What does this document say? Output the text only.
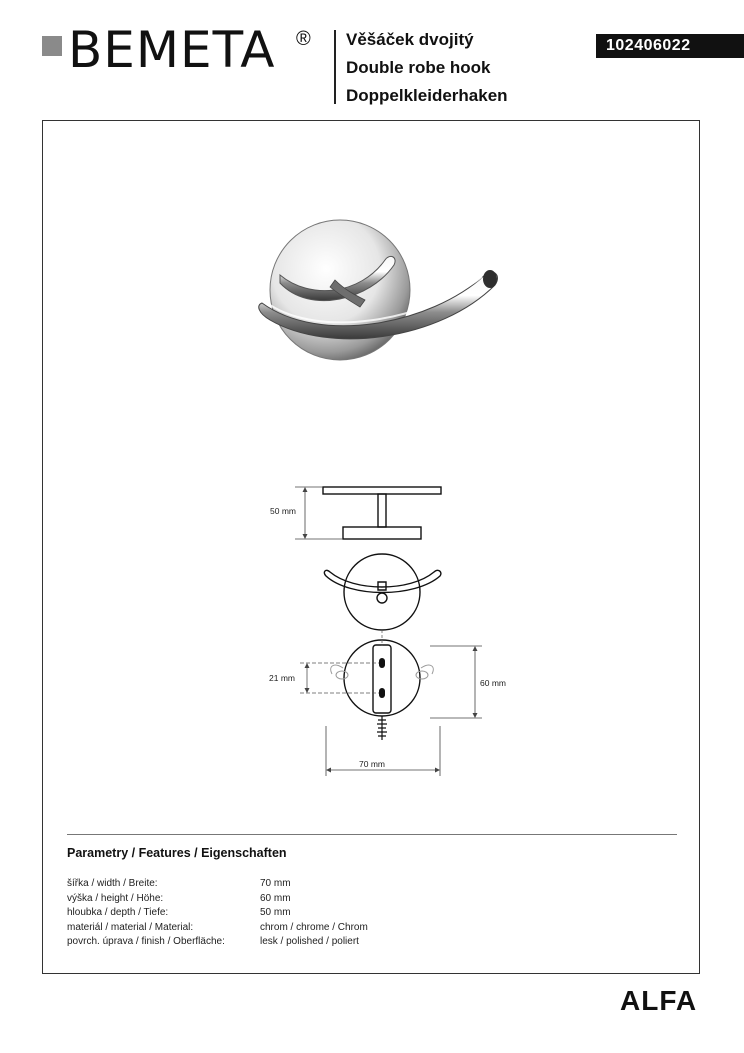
BEMETA ® Věšáček dvojitý
Double robe hook
Doppelkleiderhaken
102406022
50 mm
21 mm	60 mm
70 mm
Parametry / Features / Eigenschaften
šířka / width / Breite:	70 mm
výška / height / Höhe:	60 mm
hloubka / depth / Tiefe:	50 mm
materiál / material / Material:	chrom / chrome / Chrom
povrch. úprava / finish / Oberfläche:	lesk / polished / poliert
ALFA
